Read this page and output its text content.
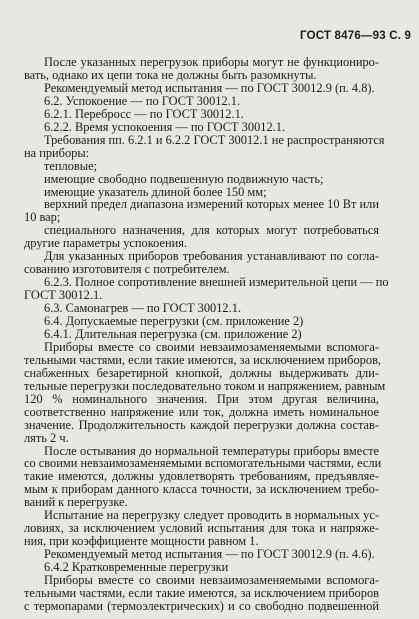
ГОСТ 8476—93 С. 9
После указанных перегрузок приборы могут не функциониро-
вать, однако их цепи тока не должны быть разомкнуты.
Рекомендуемый метод испытания — по ГОСТ 30012.9 (п. 4.8).
6.2. Успокоение — по ГОСТ 30012.1.
6.2.1. Перебросс — по ГОСТ 30012.1.
6.2.2. Время успокоения — по ГОСТ 30012.1.
Требования пп. 6.2.1 и 6.2.2 ГОСТ 30012.1 не распространяются
на приборы:
тепловые;
имеющие свободно подвешенную подвижную часть;
имеющие указатель длиной более 150 мм;
верхний предел диапазона измерений которых менее 10 Вт или
10 вар;
специального назначения, для которых могут потребоваться
другие параметры успокоения.
Для указанных приборов требования устанавливают по согла-
сованию изготовителя с потребителем.
6.2.3. Полное сопротивление внешней измерительной цепи — по
ГОСТ 30012.1.
6.3. Самонагрев — по ГОСТ 30012.1.
6.4. Допускаемые перегрузки (см. приложение 2)
6.4.1. Длительная перегрузка (см. приложение 2)
Приборы вместе со своими невзаимозаменяемыми вспомога-
тельными частями, если такие имеются, за исключением приборов,
снабженных безаретирной кнопкой, должны выдерживать дли-
тельные перегрузки последовательно током и напряжением, равным
120 % номинального значения. При этом другая величина,
соответственно напряжение или ток, должна иметь номинальное
значение. Продолжительность каждой перегрузки должна состав-
лять 2 ч.
После остывания до нормальной температуры приборы вместе
со своими невзаимозаменяемыми вспомогательными частями, если
такие имеются, должны удовлетворять требованиям, предъявляе-
мым к приборам данного класса точности, за исключением требо-
ваний к перегрузке.
Испытание на перегрузку следует проводить в нормальных ус-
ловиях, за исключением условий испытания для тока и напряже-
ния, при коэффициенте мощности равном 1.
Рекомендуемый метод испытания — по ГОСТ 30012.9 (п. 4.6).
6.4.2 Кратковременные перегрузки
Приборы вместе со своими невзаимозаменяемыми вспомога-
тельными частями, если такие имеются, за исключением приборов
с термопарами (термоэлектрических) и со свободно подвешенной
